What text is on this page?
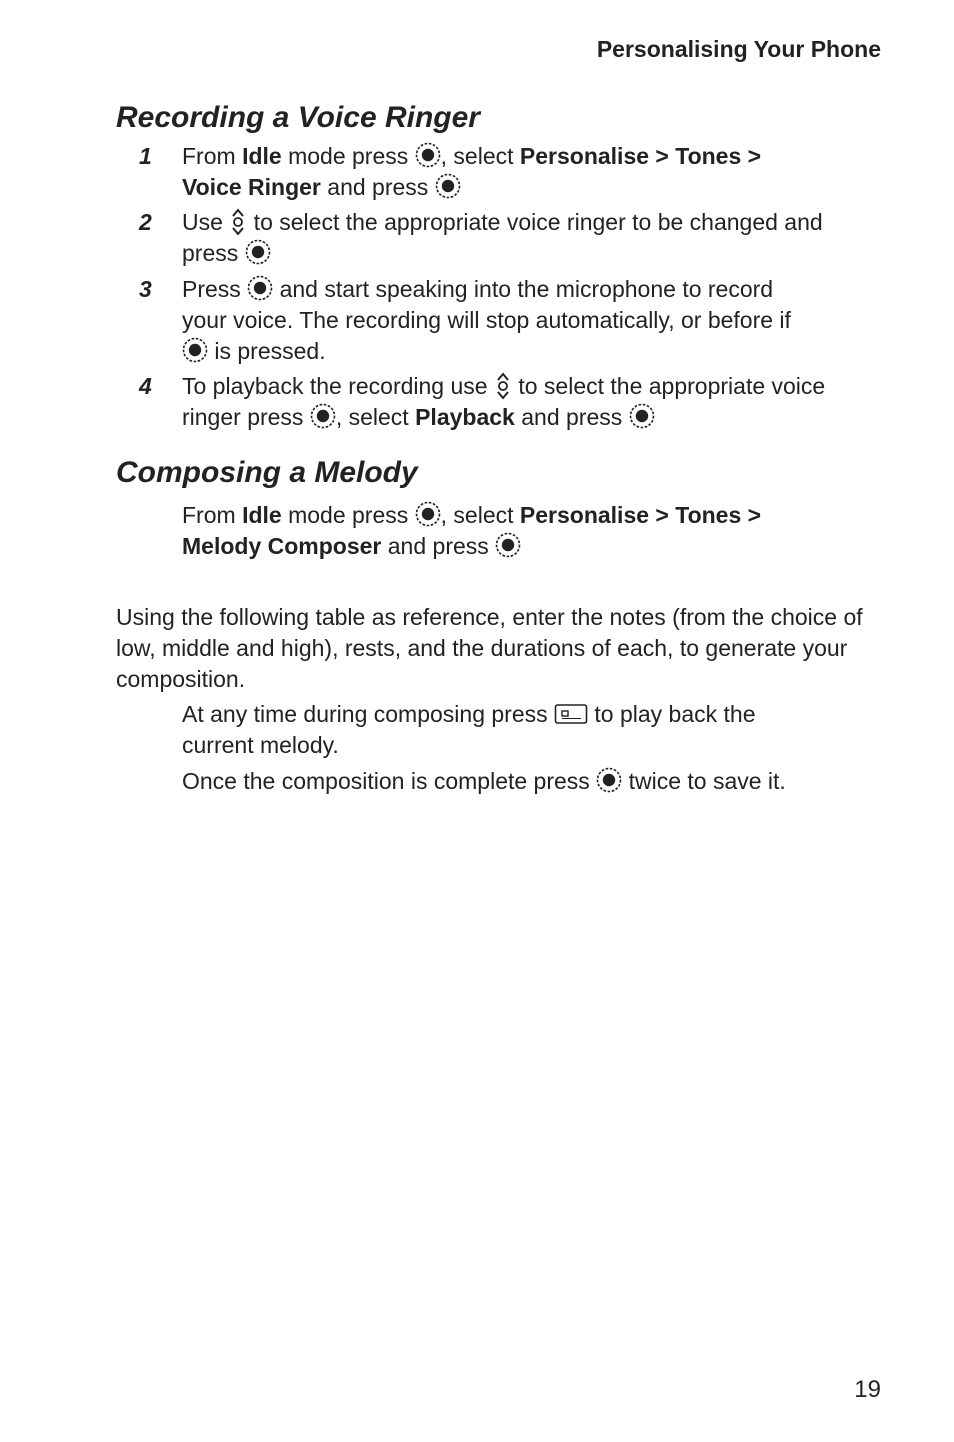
Personalising Your Phone
Recording a Voice Ringer
1 From Idle mode press , select Personalise > Tones >
Voice Ringer and press
2 Use  to select the appropriate voice ringer to be changed and
press
3 Press  and start speaking into the microphone to record
your voice. The recording will stop automatically, or before if
is pressed.
4 To playback the recording use  to select the appropriate voice
ringer press , select Playback and press
Composing a Melody
From Idle mode press , select Personalise > Tones >
Melody Composer and press

Using the following table as reference, enter the notes (from the choice of low, middle and high), rests, and the durations of each, to generate your composition.

At any time during composing press  to play back the
current melody.
Once the composition is complete press  twice to save it.
19
